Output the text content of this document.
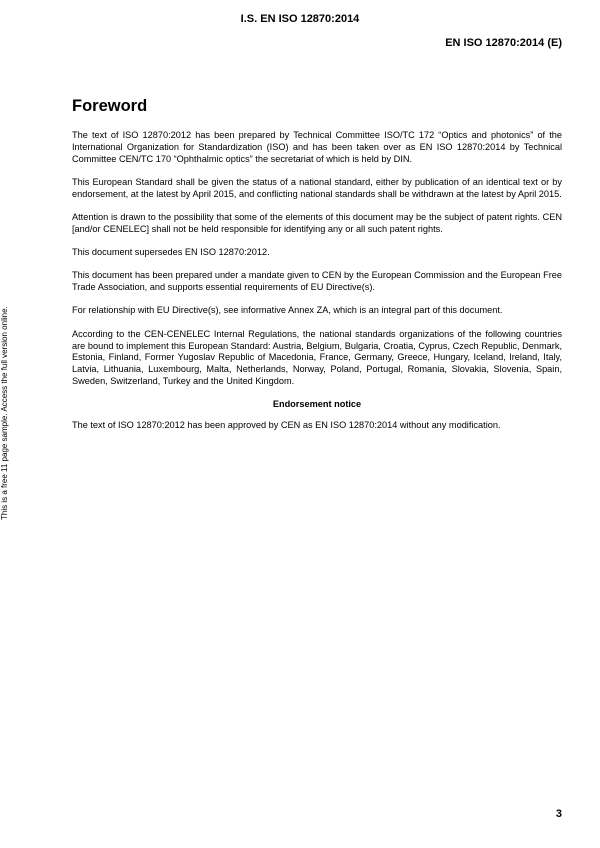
I.S. EN ISO 12870:2014
EN ISO 12870:2014 (E)
This is a free 11 page sample. Access the full version online.
Foreword

The text of ISO 12870:2012 has been prepared by Technical Committee ISO/TC 172 “Optics and photonics” of the International Organization for Standardization (ISO) and has been taken over as EN ISO 12870:2014 by Technical Committee CEN/TC 170 “Ophthalmic optics” the secretariat of which is held by DIN.

This European Standard shall be given the status of a national standard, either by publication of an identical text or by endorsement, at the latest by April 2015, and conflicting national standards shall be withdrawn at the latest by April 2015.

Attention is drawn to the possibility that some of the elements of this document may be the subject of patent rights. CEN [and/or CENELEC] shall not be held responsible for identifying any or all such patent rights.

This document supersedes EN ISO 12870:2012.

This document has been prepared under a mandate given to CEN by the European Commission and the European Free Trade Association, and supports essential requirements of EU Directive(s).

For relationship with EU Directive(s), see informative Annex ZA, which is an integral part of this document.

According to the CEN-CENELEC Internal Regulations, the national standards organizations of the following countries are bound to implement this European Standard: Austria, Belgium, Bulgaria, Croatia, Cyprus, Czech Republic, Denmark, Estonia, Finland, Former Yugoslav Republic of Macedonia, France, Germany, Greece, Hungary, Iceland, Ireland, Italy, Latvia, Lithuania, Luxembourg, Malta, Netherlands, Norway, Poland, Portugal, Romania, Slovakia, Slovenia, Spain, Sweden, Switzerland, Turkey and the United Kingdom.

Endorsement notice

The text of ISO 12870:2012 has been approved by CEN as EN ISO 12870:2014 without any modification.

3
